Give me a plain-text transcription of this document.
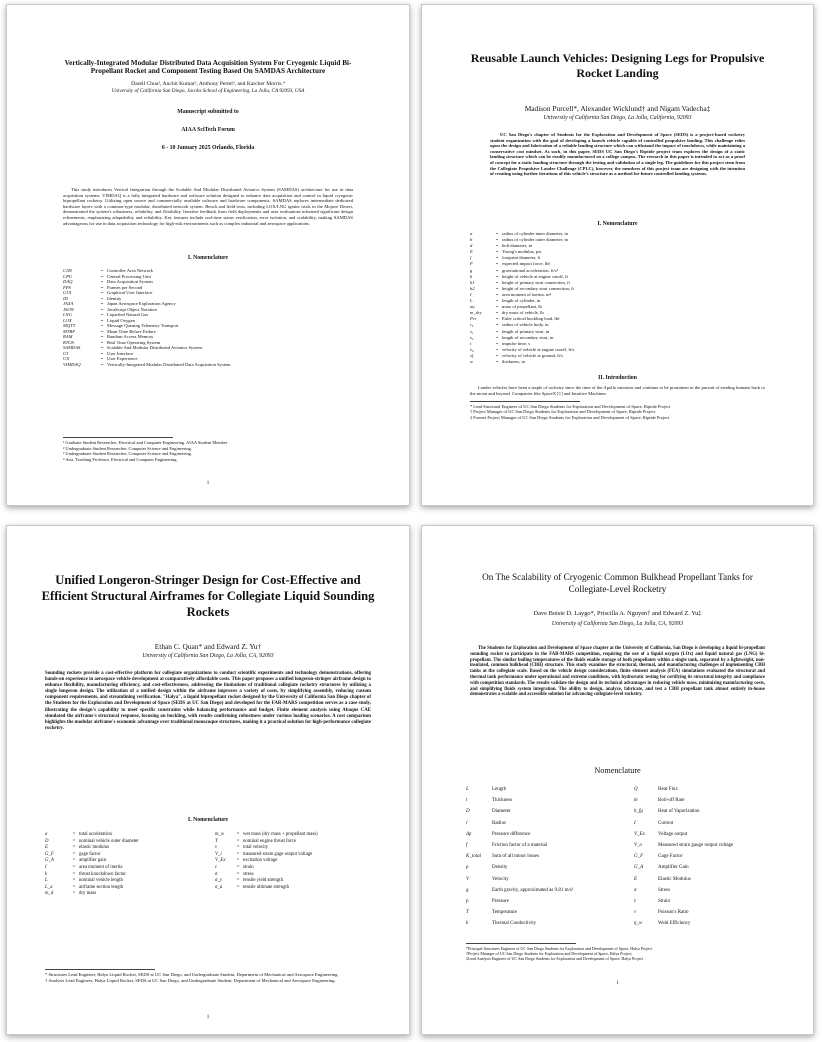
Vertically-Integrated Modular Distributed Data Acquisition System For Cryogenic Liquid Bi-Propellant Rocket and Component Testing Based On SAMDAS Architecture
Darell Chua¹, Anchit Kumar², Anthony Pertel³, and Karcher Morris.⁴
University of California San Diego, Jacobs School of Engineering, La Jolla, CA 92093, USA
Manuscript submitted to
AIAA SciTech Forum
6 - 10 January 2025 Orlando, Florida
This study introduces Vertical Integration through the Scalable And Modular Distributed Avionics System (SAMDAS) architecture for use in data acquisition systems. VIMDAQ is a fully integrated hardware and software solution designed to enhance data acquisition and control in liquid cryogenic bipropellant rocketry. Utilizing open source and commercially available software and hardware components, SAMDAS replaces intermediate dedicated hardware layers with a common-type modular, distributed network system. Bench and field tests, including LOX/LNG igniter trials in the Mojave Desert, demonstrated the system's robustness, reliability, and flexibility. Iterative feedback from field deployments and user evaluations informed significant design refinements, emphasizing adaptability and reliability. Key features include real-time status verification, error isolation, and scalability, making SAMDAS advantageous for use in data acquisition technology for high-risk environments such as complex industrial and aerospace applications.
I. Nomenclature
CAN	=	Controller Area Network
CPU	=	Central Processing Unit
DAQ	=	Data Acquisition System
FPS	=	Frames per Second
GUI	=	Graphical User Interface
ID	=	Identity
JAXA	=	Japan Aerospace Exploration Agency
JSON	=	JavaScript Object Notation
LNG	=	Liquefied Natural Gas
LOX	=	Liquid Oxygen
MQTT	=	Message Queuing Telemetry Transport
MTBF	=	Mean Time Before Failure
RAM	=	Random Access Memory
RTOS	=	Real Time Operating System
SAMDAS	=	Scalable And Modular Distributed Avionics System
UI	=	User Interface
UX	=	User Experience
VIMDAQ	=	Vertically-Integrated Modular Distributed Data Acquisition System
¹ Graduate Student Researcher, Electrical and Computer Engineering. AIAA Student Member
² Undergraduate Student Researcher, Computer Science and Engineering.
³ Undergraduate Student Researcher, Computer Science and Engineering.
⁴ Asst. Teaching Professor, Electrical and Computer Engineering.
1
Reusable Launch Vehicles: Designing Legs for Propulsive Rocket Landing
Madison Purcell*, Alexander Wicklund† and Nigam Vadecha‡
University of California San Diego, La Jolla, California, 92093
UC San Diego's chapter of Students for the Exploration and Development of Space (SEDS) is a project-based rocketry student organization with the goal of developing a launch vehicle capable of controlled propulsive landing. This challenge relies upon the design and fabrication of a reliable landing structure which can withstand the impact of touchdown, while maintaining a conservative cost mindset. As such, in this paper, SEDS UC San Diego's Riptide project team explores the design of a static landing structure which can be readily manufactured on a college campus. The research in this paper is intended to act as a proof of concept for a static landing structure through the testing and validation of a single leg. The guidelines for this project stem from the Collegiate Propulsive Lander Challenge (CPLC), however, the members of this project team are designing with the intention of creating using further iterations of this vehicle's structure as a method for future controlled landing systems.
I. Nomenclature
a	=	radius of cylinder inner diameter, in
b	=	radius of cylinder outer diameter, in
d	=	bolt diameter, in
E	=	Young's modulus, psi
f	=	footprint diameter, ft
F	=	expected impact force, lbf
g	=	gravitational acceleration, ft/s²
h	=	height of vehicle at engine cutoff, ft
h1	=	height of primary strut connection, ft
h2	=	height of secondary strut connection, ft
I	=	area moment of inertia, in⁴
L	=	length of cylinder, in
mₚ	=	mass of propellant, lb
m_dry	=	dry mass of vehicle, lb
Pcr	=	Euler critical buckling load, lbf
r₀	=	radius of vehicle body, in
s₁	=	length of primary strut, in
s₂	=	length of secondary strut, in
t	=	impulse time, s
v₀	=	velocity of vehicle at engine cutoff, ft/s
vf	=	velocity of vehicle at ground, ft/s
w	=	thickness, in
II. Introduction
Lander vehicles have been a staple of rocketry since the time of the Apollo missions and continue to be prominent in the pursuit of sending humans back to the moon and beyond. Companies like SpaceX [1] and Intuitive Machines
* Lead Structural Engineer of UC San Diego Students for Exploration and Development of Space, Riptide Project
† Project Manager of UC San Diego Students for Exploration and Development of Space, Riptide Project
‡ Former Project Manager of UC San Diego Students for Exploration and Development of Space, Riptide Project
Unified Longeron-Stringer Design for Cost-Effective and Efficient Structural Airframes for Collegiate Liquid Sounding Rockets
Ethan C. Quan* and Edward Z. Yu†
University of California San Diego, La Jolla, CA, 92093
Sounding rockets provide a cost-effective platform for collegiate organizations to conduct scientific experiments and technology demonstrations, offering hands-on experience in aerospace vehicle development at comparatively affordable costs. This paper proposes a unified longeron-stringer airframe design to enhance flexibility, manufacturing efficiency, and cost-effectiveness, addressing the limitations of traditional collegiate rocketry structures by utilizing a single longeron design. The utilization of a unified design within the airframe improves a variety of costs, by simplifying assembly, reducing custom component requirements, and streamlining verification. "Halya", a liquid bipropellant rocket designed by the University of California San Diego chapter of the Students for the Exploration and Development of Space (SEDS at UC San Diego) and developed for the FAR-MARS competition serves as a case study, illustrating the design's capability to meet specific constraints while balancing performance and budget. Finite element analysis using Abaqus CAE simulated the airframe's structural response, focusing on buckling, with results confirming robustness under various loading scenarios. A cost comparison highlights the modular airframe's economic advantage over traditional monocoque structures, making it a practical solution for high-performance collegiate rocketry.
I. Nomenclature
a	=	total acceleration
D	=	nominal vehicle outer diameter
E	=	elastic modulus
G_F	=	gage factor
G_A	=	amplifier gain
I	=	area moment of inertia
k	=	thrust knockdown factor
L	=	nominal vehicle length
L_a	=	airframe section length
m_d	=	dry mass
m_w	=	wet mass (dry mass + propellant mass)
T	=	nominal engine thrust force
v	=	total velocity
V_i	=	measured strain gage output voltage
V_Ex	=	excitation voltage
ε	=	strain
σ	=	stress
σ_y	=	tensile yield strength
σ_u	=	tensile ultimate strength
* Structures Lead Engineer, Halya Liquid Rocket, SEDS at UC San Diego, and Undergraduate Student, Department of Mechanical and Aerospace Engineering.
† Analysis Lead Engineer, Halya Liquid Rocket, SEDS at UC San Diego, and Undergraduate Student, Department of Mechanical and Aerospace Engineering.
1
On The Scalability of Cryogenic Common Bulkhead Propellant Tanks for Collegiate-Level Rocketry
Dave Boisie D. Laygo*, Priscilla A. Nguyen† and Edward Z. Yu‡
University of California San Diego, La Jolla, CA, 92093
The Students for Exploration and Development of Space chapter at the University of California, San Diego is developing a liquid bi-propellant sounding rocket to participate in the FAR-MARS competition, requiring the use of a liquid oxygen (LOx) and liquid natural gas (LNG) bi-propellant. The similar boiling temperatures of the fluids enable storage of both propellants within a single tank, separated by a lightweight, non-insulated, common bulkhead (CBH) structure. This study examines the structural, thermal, and manufacturing challenges of implementing CBH tanks at the collegiate scale. Based on the vehicle design considerations, finite element analysis (FEA) simulations evaluated the structural and thermal tank performance under operational and extreme conditions, with hydrostatic testing for certifying its structural integrity and compliance with competition standards. The results validate the design and its technical advantages in reducing vehicle mass, minimizing manufacturing costs, and simplifying fluids system integration. The ability to design, analyze, fabricate, and test a CBH propellant tank almost entirely in-house demonstrates a scalable and accessible solution for advancing collegiate-level rocketry.
Nomenclature
L	Length
t	Thickness
D	Diameter
r	Radius
Δp	Pressure difference
f	Friction factor of a material
K_total	Sum of all minor losses
ρ	Density
V	Velocity
g	Earth gravity, approximated as 9.81 m/s²
p	Pressure
T	Temperature
k	Thermal Conductivity
Q	Heat Flux
ṁ	Boil-off Rate
h_fg	Heat of Vaporization
I	Current
V_Ex	Voltage output
V_o	Measured strain gauge output voltage
G_F	Gage Factor
G_A	Amplifier Gain
E	Elastic Modulus
σ	Stress
ε	Strain
ν	Poisson's Ratio
η_w	Weld Efficiency
*Principal Structures Engineer of UC San Diego Students for Exploration and Development of Space, Halya Project
†Project Manager of UC San Diego Students for Exploration and Development of Space, Halya Project
‡Lead Analysis Engineer of UC San Diego Students for Exploration and Development of Space, Halya Project
1
